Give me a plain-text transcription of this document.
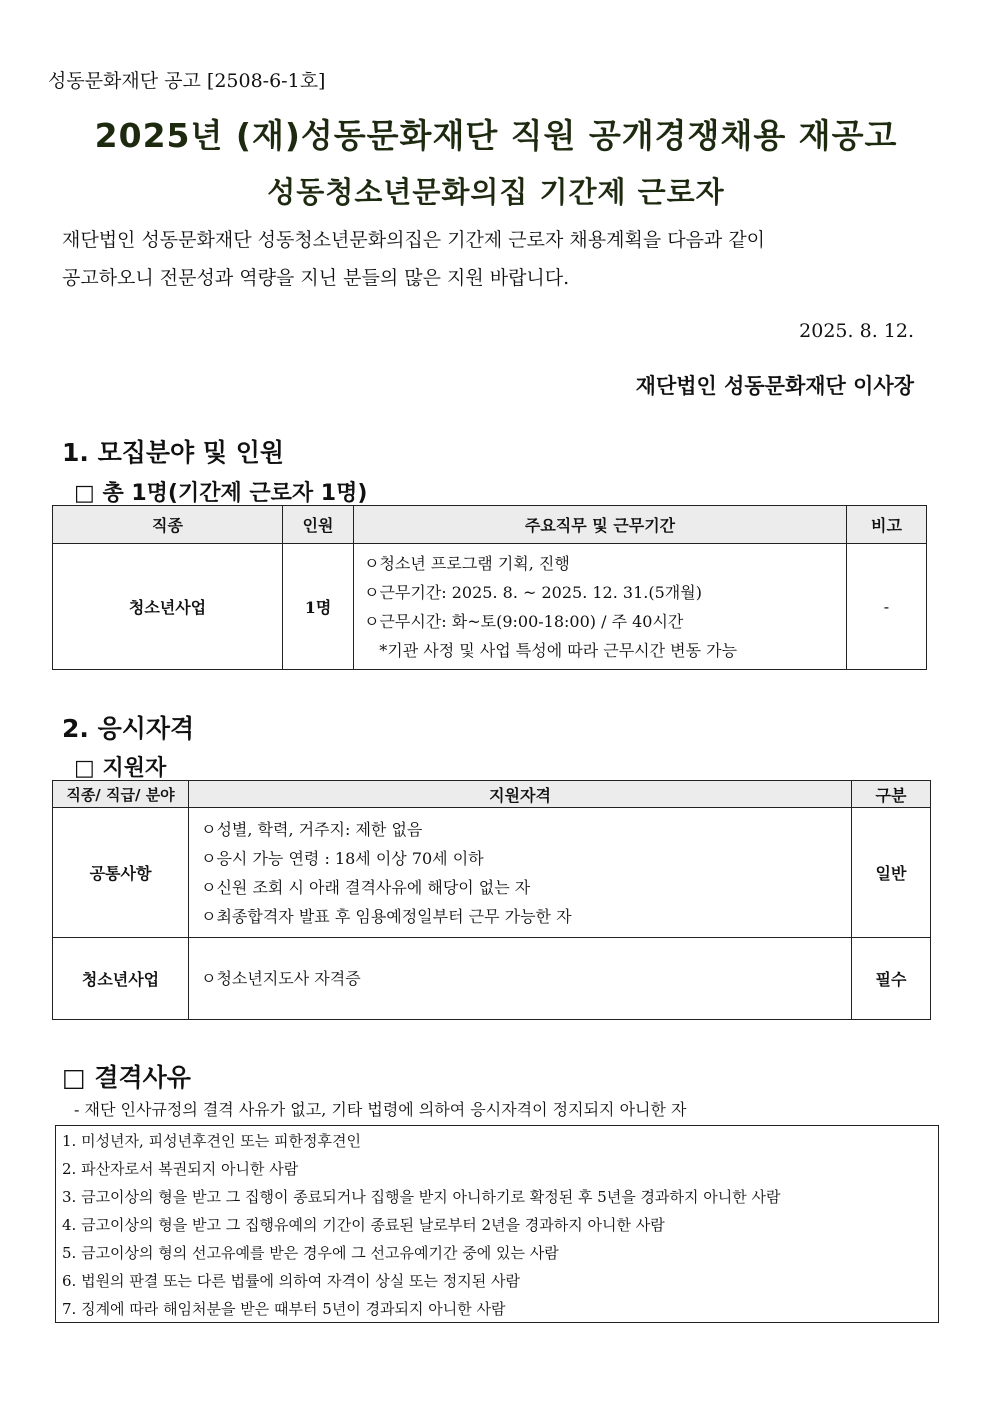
성동문화재단 공고 [2508-6-1호]
2025년 (재)성동문화재단 직원 공개경쟁채용 재공고
성동청소년문화의집 기간제 근로자
재단법인 성동문화재단 성동청소년문화의집은 기간제 근로자 채용계획을 다음과 같이
공고하오니 전문성과 역량을 지닌 분들의 많은 지원 바랍니다.
2025. 8. 12.
재단법인 성동문화재단 이사장
1. 모집분야 및 인원
□ 총 1명(기간제 근로자 1명)
직종	인원	주요직무 및 근무기간	비고
청소년사업	1명	ㅇ청소년 프로그램 기획, 진행
ㅇ근무기간: 2025. 8. ~ 2025. 12. 31.(5개월)
ㅇ근무시간: 화~토(9:00-18:00) / 주 40시간
*기관 사정 및 사업 특성에 따라 근무시간 변동 가능	-
2. 응시자격
□ 지원자
직종/ 직급/ 분야	지원자격	구분
공통사항	ㅇ성별, 학력, 거주지: 제한 없음
ㅇ응시 가능 연령 : 18세 이상 70세 이하
ㅇ신원 조회 시 아래 결격사유에 해당이 없는 자
ㅇ최종합격자 발표 후 임용예정일부터 근무 가능한 자	일반
청소년사업	ㅇ청소년지도사 자격증	필수
□ 결격사유
- 재단 인사규정의 결격 사유가 없고, 기타 법령에 의하여 응시자격이 정지되지 아니한 자
1. 미성년자, 피성년후견인 또는 피한정후견인
2. 파산자로서 복권되지 아니한 사람
3. 금고이상의 형을 받고 그 집행이 종료되거나 집행을 받지 아니하기로 확정된 후 5년을 경과하지 아니한 사람
4. 금고이상의 형을 받고 그 집행유예의 기간이 종료된 날로부터 2년을 경과하지 아니한 사람
5. 금고이상의 형의 선고유예를 받은 경우에 그 선고유예기간 중에 있는 사람
6. 법원의 판결 또는 다른 법률에 의하여 자격이 상실 또는 정지된 사람
7. 징계에 따라 해임처분을 받은 때부터 5년이 경과되지 아니한 사람
